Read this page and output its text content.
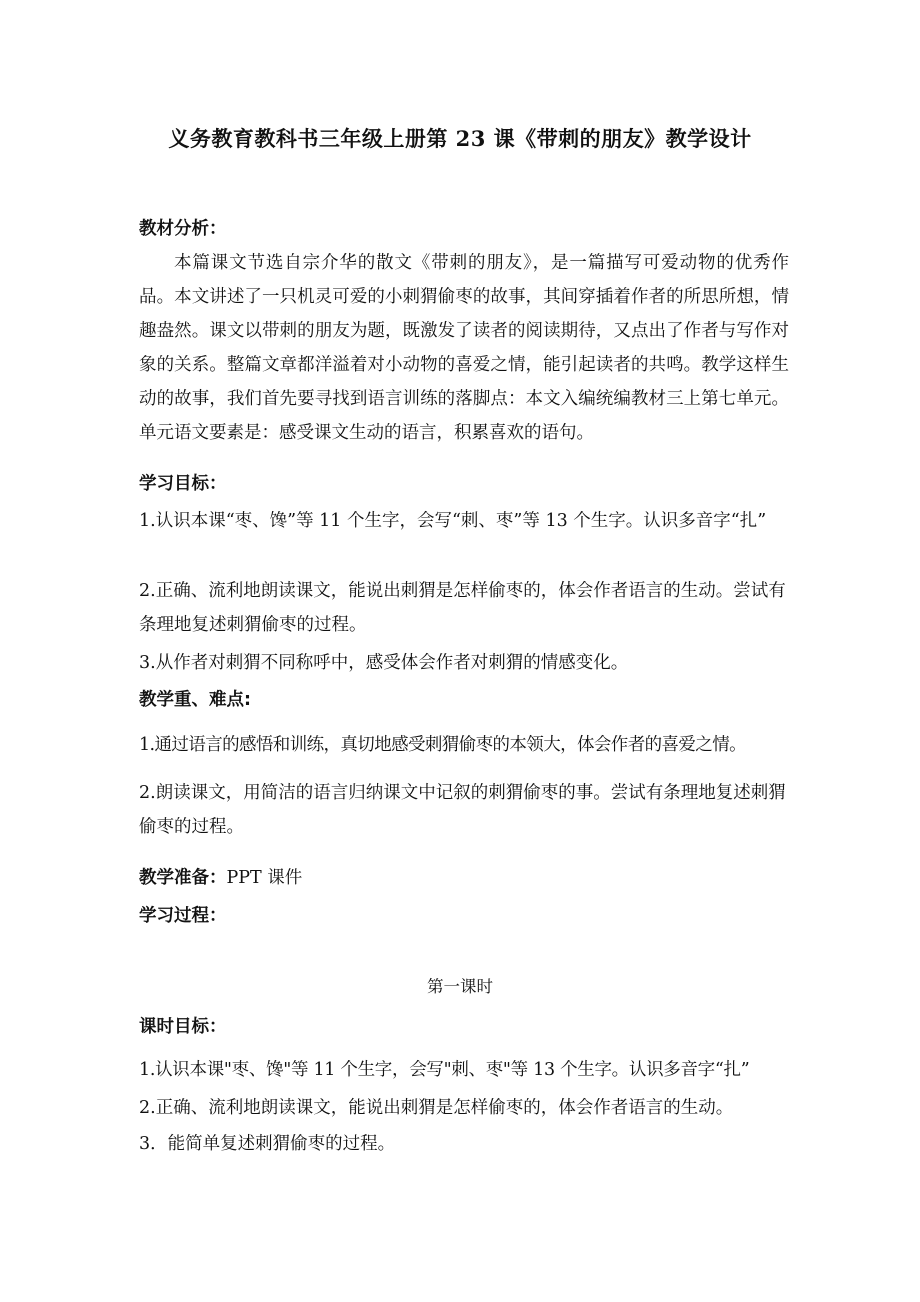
义务教育教科书三年级上册第 23 课《带刺的朋友》教学设计
教材分析：
本篇课文节选自宗介华的散文《带刺的朋友》，是一篇描写可爱动物的优秀作品。本文讲述了一只机灵可爱的小刺猬偷枣的故事，其间穿插着作者的所思所想，情趣盎然。课文以带刺的朋友为题，既激发了读者的阅读期待，又点出了作者与写作对象的关系。整篇文章都洋溢着对小动物的喜爱之情，能引起读者的共鸣。教学这样生动的故事，我们首先要寻找到语言训练的落脚点：本文入编统编教材三上第七单元。单元语文要素是：感受课文生动的语言，积累喜欢的语句。
学习目标：
1.认识本课“枣、馋”等 11 个生字，会写“刺、枣”等 13 个生字。认识多音字“扎”
2.正确、流利地朗读课文，能说出刺猬是怎样偷枣的，体会作者语言的生动。尝试有条理地复述刺猬偷枣的过程。
3.从作者对刺猬不同称呼中，感受体会作者对刺猬的情感变化。
教学重、难点:
1.通过语言的感悟和训练，真切地感受刺猬偷枣的本领大，体会作者的喜爱之情。
2.朗读课文，用简洁的语言归纳课文中记叙的刺猬偷枣的事。尝试有条理地复述刺猬偷枣的过程。
教学准备：PPT 课件
学习过程：
第一课时
课时目标：
1.认识本课"枣、馋"等 11 个生字，会写"刺、枣"等 13 个生字。认识多音字“扎”
2.正确、流利地朗读课文，能说出刺猬是怎样偷枣的，体会作者语言的生动。
3．能简单复述刺猬偷枣的过程。
